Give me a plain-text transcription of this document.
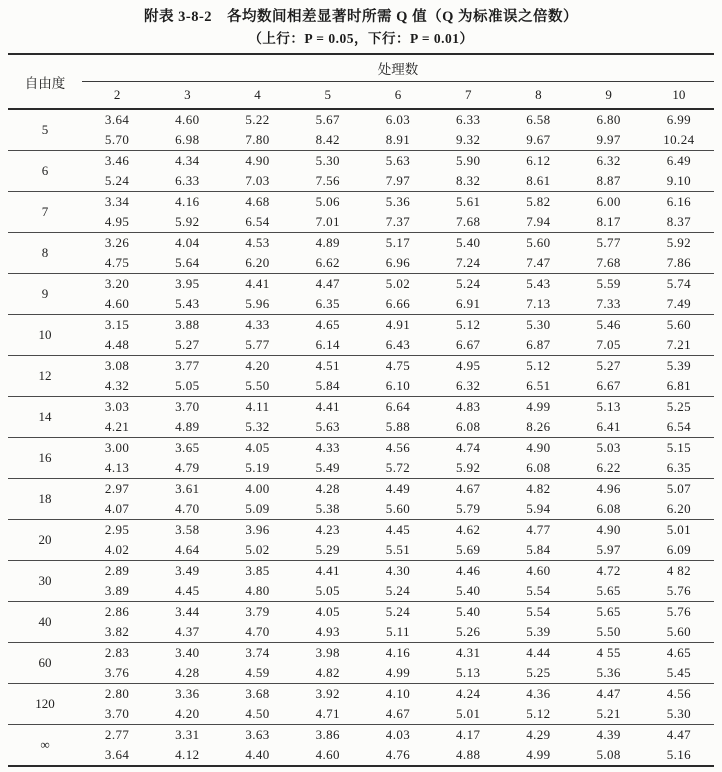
附表 3-8-2　各均数间相差显著时所需 Q 值（Q 为标准误之倍数）
（上行：P = 0.05，下行：P = 0.01）
自由度	处理数								
	2	3	4	5	6	7	8	9	10
5	3.64	4.60	5.22	5.67	6.03	6.33	6.58	6.80	6.99
	5.70	6.98	7.80	8.42	8.91	9.32	9.67	9.97	10.24
6	3.46	4.34	4.90	5.30	5.63	5.90	6.12	6.32	6.49
	5.24	6.33	7.03	7.56	7.97	8.32	8.61	8.87	9.10
7	3.34	4.16	4.68	5.06	5.36	5.61	5.82	6.00	6.16
	4.95	5.92	6.54	7.01	7.37	7.68	7.94	8.17	8.37
8	3.26	4.04	4.53	4.89	5.17	5.40	5.60	5.77	5.92
	4.75	5.64	6.20	6.62	6.96	7.24	7.47	7.68	7.86
9	3.20	3.95	4.41	4.47	5.02	5.24	5.43	5.59	5.74
	4.60	5.43	5.96	6.35	6.66	6.91	7.13	7.33	7.49
10	3.15	3.88	4.33	4.65	4.91	5.12	5.30	5.46	5.60
	4.48	5.27	5.77	6.14	6.43	6.67	6.87	7.05	7.21
12	3.08	3.77	4.20	4.51	4.75	4.95	5.12	5.27	5.39
	4.32	5.05	5.50	5.84	6.10	6.32	6.51	6.67	6.81
14	3.03	3.70	4.11	4.41	6.64	4.83	4.99	5.13	5.25
	4.21	4.89	5.32	5.63	5.88	6.08	8.26	6.41	6.54
16	3.00	3.65	4.05	4.33	4.56	4.74	4.90	5.03	5.15
	4.13	4.79	5.19	5.49	5.72	5.92	6.08	6.22	6.35
18	2.97	3.61	4.00	4.28	4.49	4.67	4.82	4.96	5.07
	4.07	4.70	5.09	5.38	5.60	5.79	5.94	6.08	6.20
20	2.95	3.58	3.96	4.23	4.45	4.62	4.77	4.90	5.01
	4.02	4.64	5.02	5.29	5.51	5.69	5.84	5.97	6.09
30	2.89	3.49	3.85	4.41	4.30	4.46	4.60	4.72	4 82
	3.89	4.45	4.80	5.05	5.24	5.40	5.54	5.65	5.76
40	2.86	3.44	3.79	4.05	5.24	5.40	5.54	5.65	5.76
	3.82	4.37	4.70	4.93	5.11	5.26	5.39	5.50	5.60
60	2.83	3.40	3.74	3.98	4.16	4.31	4.44	4 55	4.65
	3.76	4.28	4.59	4.82	4.99	5.13	5.25	5.36	5.45
120	2.80	3.36	3.68	3.92	4.10	4.24	4.36	4.47	4.56
	3.70	4.20	4.50	4.71	4.67	5.01	5.12	5.21	5.30
∞	2.77	3.31	3.63	3.86	4.03	4.17	4.29	4.39	4.47
	3.64	4.12	4.40	4.60	4.76	4.88	4.99	5.08	5.16
